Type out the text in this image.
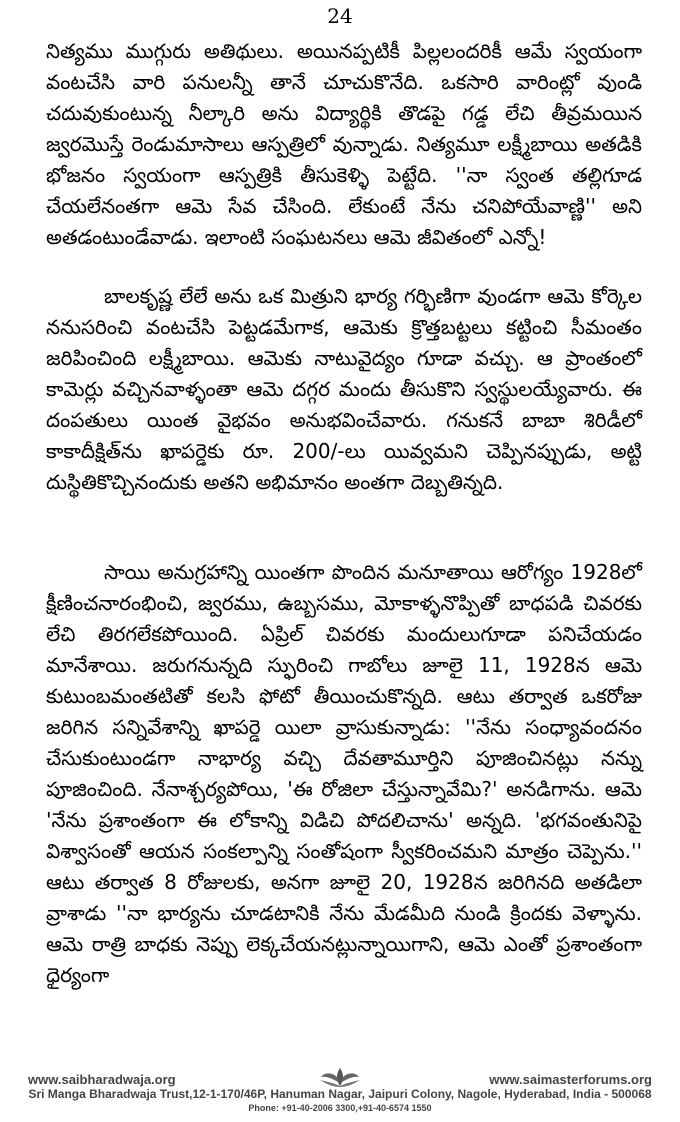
24

నిత్యము ముగ్గురు అతిథులు. అయినప్పటికీ పిల్లలందరికీ ఆమే స్వయంగా వంటచేసి వారి పనులన్నీ తానే చూచుకొనేది. ఒకసారి వారింట్లో వుండి చదువుకుంటున్న నీల్కారి అను విద్యార్థికి తొడపై గడ్డ లేచి తీవ్రమయిన జ్వరమొస్తే రెండుమాసాలు ఆస్పత్రిలో వున్నాడు. నిత్యమూ లక్ష్మీబాయి అతడికి భోజనం స్వయంగా ఆస్పత్రికి తీసుకెళ్ళి పెట్టేది. ''నా స్వంత తల్లిగూడ చేయలేనంతగా ఆమె సేవ చేసింది. లేకుంటే నేను చనిపోయేవాణ్ణి'' అని అతడంటుండేవాడు. ఇలాంటి సంఘటనలు ఆమె జీవితంలో ఎన్నో!

బాలకృష్ణ లేలే అను ఒక మిత్రుని భార్య గర్భిణిగా వుండగా ఆమె కోర్కెల ననుసరించి వంటచేసి పెట్టడమేగాక, ఆమెకు క్రొత్తబట్టలు కట్టించి సీమంతం జరిపించింది లక్ష్మీబాయి. ఆమెకు నాటువైద్యం గూడా వచ్చు. ఆ ప్రాంతంలో కామెర్లు వచ్చినవాళ్ళంతా ఆమె దగ్గర మందు తీసుకొని స్వస్థులయ్యేవారు. ఈ దంపతులు యింత వైభవం అనుభవించేవారు. గనుకనే బాబా శిరిడీలో కాకాదీక్షిత్‌ను ఖాపర్డెకు రూ. 200/-లు యివ్వమని చెప్పినప్పుడు, అట్టి దుస్థితికొచ్చినందుకు అతని అభిమానం అంతగా దెబ్బతిన్నది.

సాయి అనుగ్రహాన్ని యింతగా పొందిన మనూతాయి ఆరోగ్యం 1928లో క్షీణించనారంభించి, జ్వరము, ఉబ్బసము, మోకాళ్ళనొప్పితో బాధపడి చివరకు లేచి తిరగలేకపోయింది. ఏప్రిల్ చివరకు మందులుగూడా పనిచేయడం మానేశాయి. జరుగనున్నది స్ఫురించి గాబోలు జూలై 11, 1928న ఆమె కుటుంబమంతటితో కలసి ఫోటో తీయించుకొన్నది. ఆటు తర్వాత ఒకరోజు జరిగిన సన్నివేశాన్ని ఖాపర్డె యిలా వ్రాసుకున్నాడు: ''నేను సంధ్యావందనం చేసుకుంటుండగా నాభార్య వచ్చి దేవతామూర్తిని పూజించినట్లు నన్ను పూజించింది. నేనాశ్చర్యపోయి, 'ఈ రోజిలా చేస్తున్నావేమి?' అనడిగాను. ఆమె 'నేను ప్రశాంతంగా ఈ లోకాన్ని విడిచి పోదలిచాను' అన్నది. 'భగవంతునిపై విశ్వాసంతో ఆయన సంకల్పాన్ని సంతోషంగా స్వీకరించమని మాత్రం చెప్పెను.'' ఆటు తర్వాత 8 రోజులకు, అనగా జూలై 20, 1928న జరిగినది అతడిలా వ్రాశాడు ''నా భార్యను చూడటానికి నేను మేడమీది నుండి క్రిందకు వెళ్ళాను. ఆమె రాత్రి బాధకు నెప్పు లెక్కచేయనట్లున్నాయిగాని, ఆమె ఎంతో ప్రశాంతంగా ధైర్యంగా

www.saibharadwaja.org	www.saimasterforums.org
Sri Manga Bharadwaja Trust,12-1-170/46P, Hanuman Nagar, Jaipuri Colony, Nagole, Hyderabad, India - 500068
Phone: +91-40-2006 3300,+91-40-6574 1550
